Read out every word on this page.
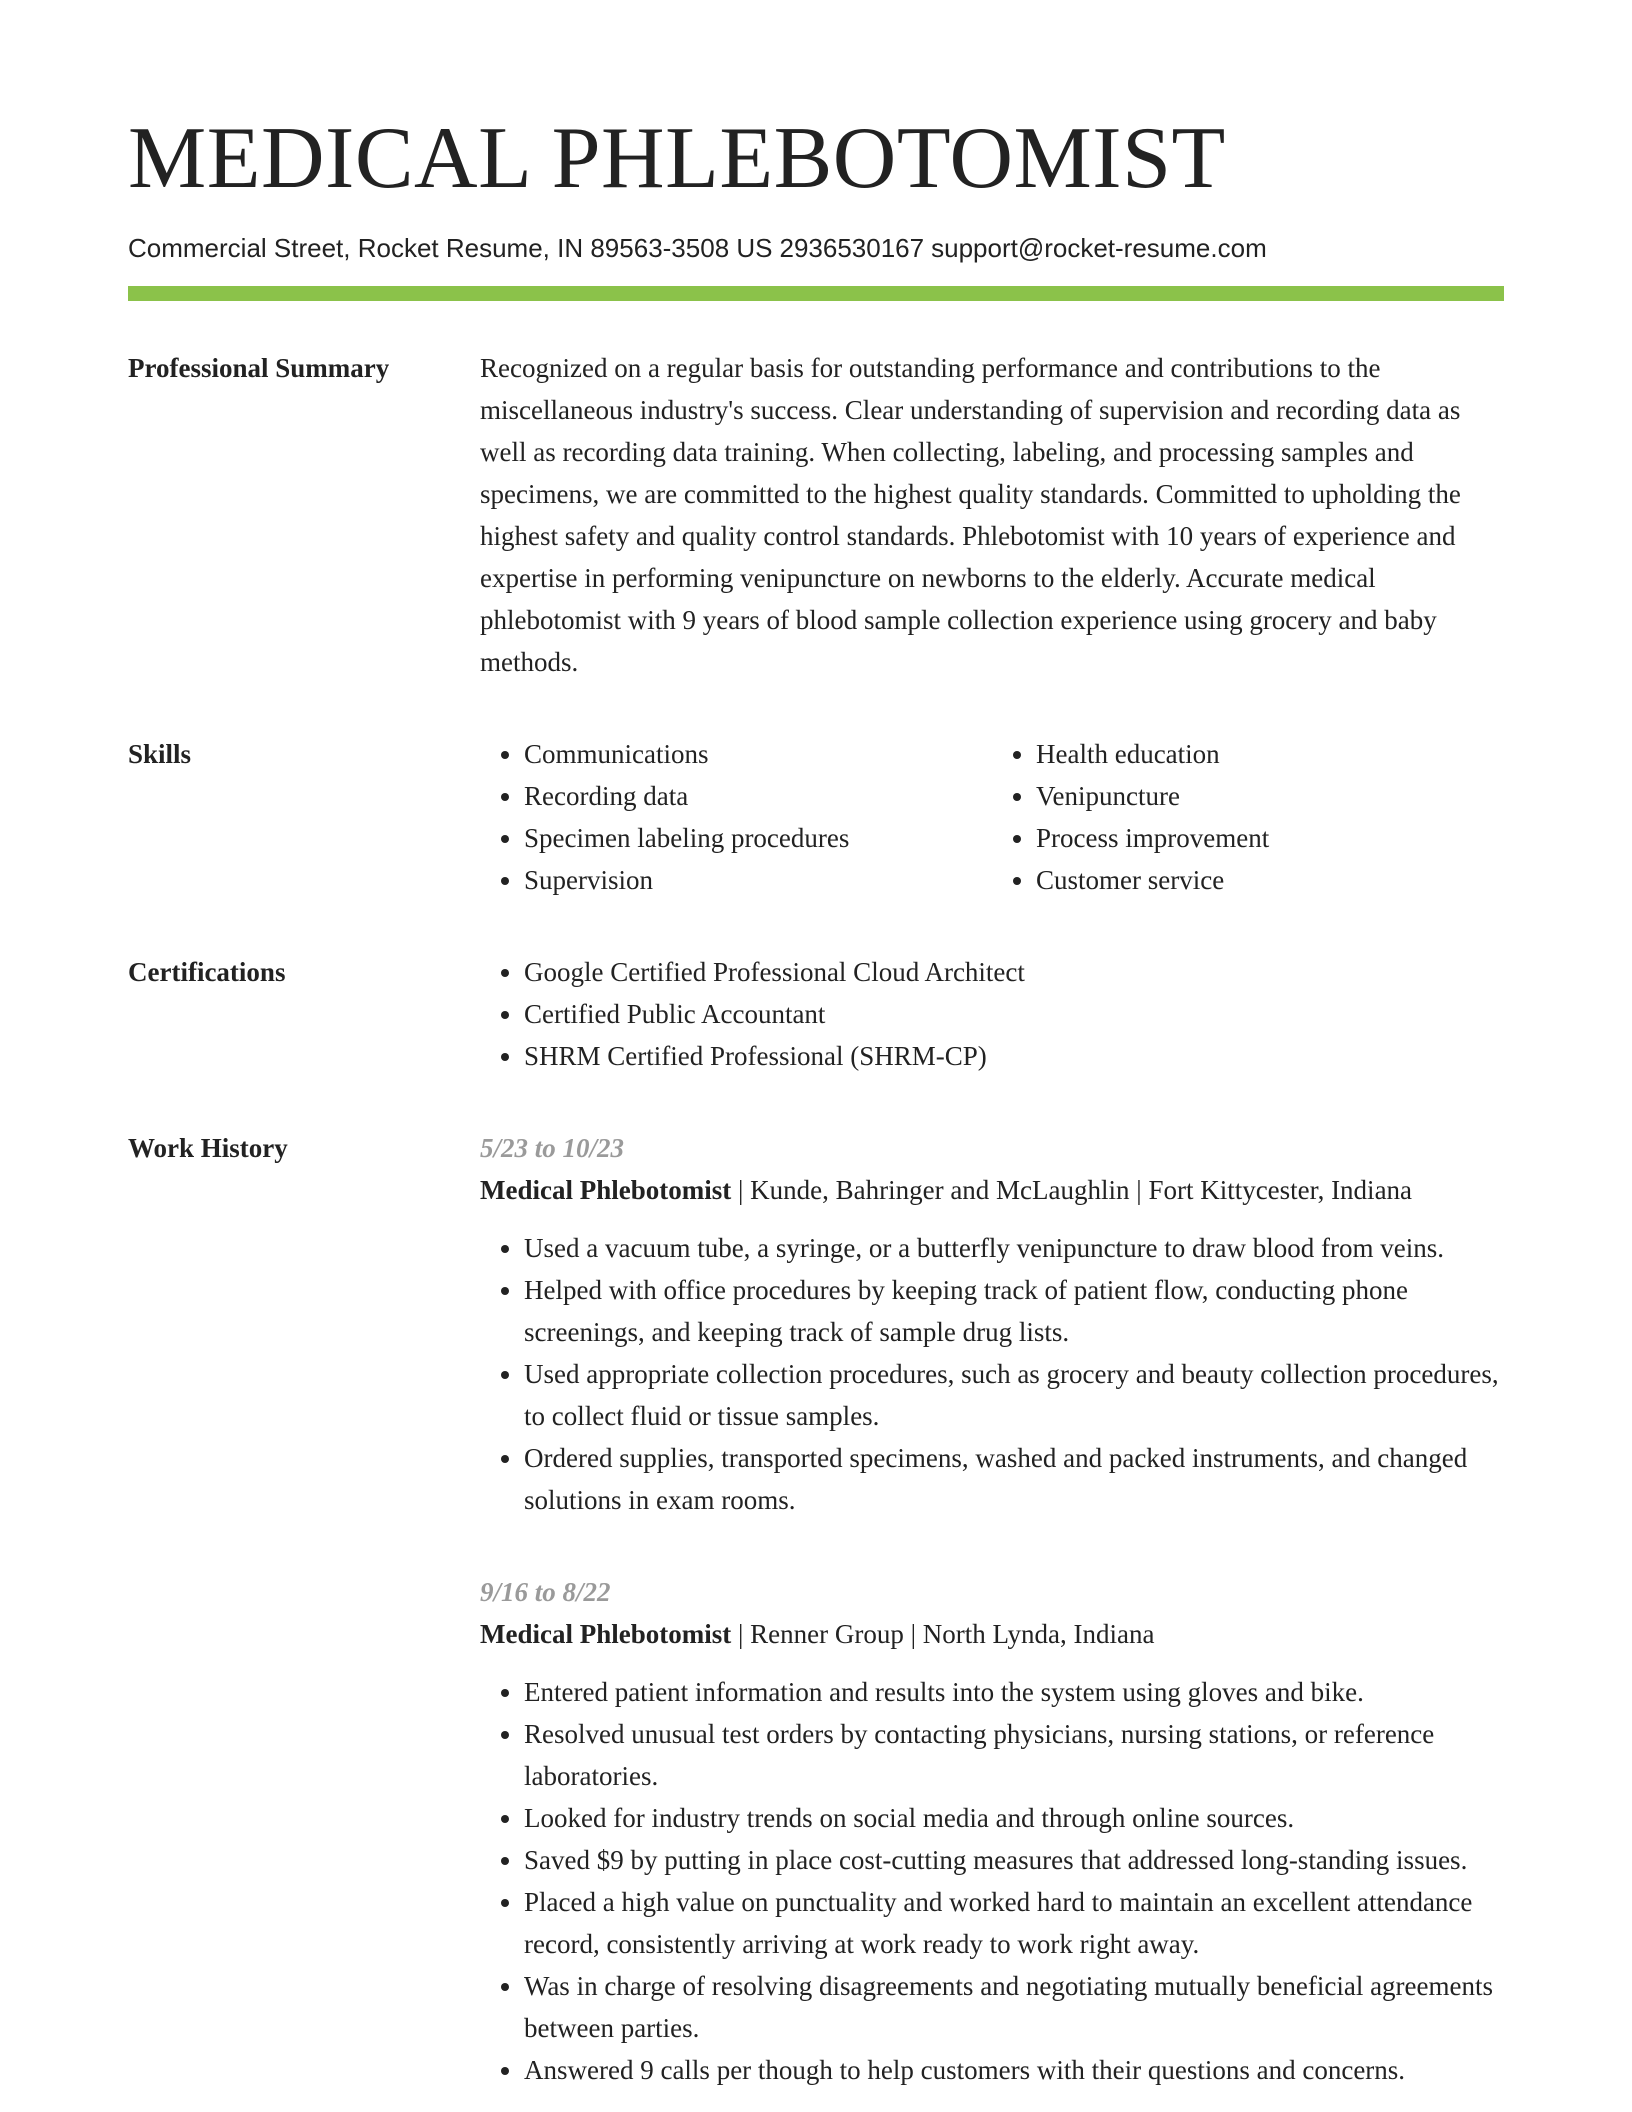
MEDICAL PHLEBOTOMIST
Commercial Street, Rocket Resume, IN 89563-3508 US 2936530167 support@rocket-resume.com
Professional Summary	Recognized on a regular basis for outstanding performance and contributions to the miscellaneous industry's success. Clear understanding of supervision and recording data as well as recording data training. When collecting, labeling, and processing samples and specimens, we are committed to the highest quality standards. Committed to upholding the highest safety and quality control standards. Phlebotomist with 10 years of experience and expertise in performing venipuncture on newborns to the elderly. Accurate medical phlebotomist with 9 years of blood sample collection experience using grocery and baby methods.

Skills	• Communications
• Recording data
• Specimen labeling procedures
• Supervision
• Health education
• Venipuncture
• Process improvement
• Customer service
Certifications	• Google Certified Professional Cloud Architect
• Certified Public Accountant
• SHRM Certified Professional (SHRM-CP)
Work History	5/23 to 10/23
Medical Phlebotomist | Kunde, Bahringer and McLaughlin | Fort Kittycester, Indiana
• Used a vacuum tube, a syringe, or a butterfly venipuncture to draw blood from veins.
• Helped with office procedures by keeping track of patient flow, conducting phone screenings, and keeping track of sample drug lists.
• Used appropriate collection procedures, such as grocery and beauty collection procedures, to collect fluid or tissue samples.
• Ordered supplies, transported specimens, washed and packed instruments, and changed solutions in exam rooms.
9/16 to 8/22
Medical Phlebotomist | Renner Group | North Lynda, Indiana
• Entered patient information and results into the system using gloves and bike.
• Resolved unusual test orders by contacting physicians, nursing stations, or reference laboratories.
• Looked for industry trends on social media and through online sources.
• Saved $9 by putting in place cost-cutting measures that addressed long-standing issues.
• Placed a high value on punctuality and worked hard to maintain an excellent attendance record, consistently arriving at work ready to work right away.
• Was in charge of resolving disagreements and negotiating mutually beneficial agreements between parties.
• Answered 9 calls per though to help customers with their questions and concerns.
